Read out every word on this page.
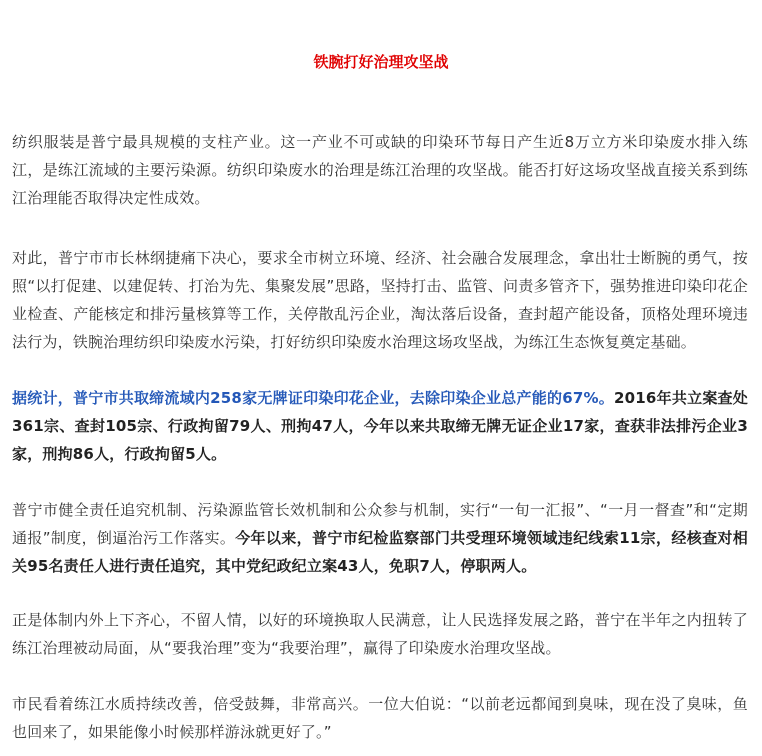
铁腕打好治理攻坚战

纺织服装是普宁最具规模的支柱产业。这一产业不可或缺的印染环节每日产生近8万立方米印染废水排入练江，是练江流域的主要污染源。纺织印染废水的治理是练江治理的攻坚战。能否打好这场攻坚战直接关系到练江治理能否取得决定性成效。

对此，普宁市市长林纲捷痛下决心，要求全市树立环境、经济、社会融合发展理念，拿出壮士断腕的勇气，按照“以打促建、以建促转、打治为先、集聚发展”思路，坚持打击、监管、问责多管齐下，强势推进印染印花企业检查、产能核定和排污量核算等工作，关停散乱污企业，淘汰落后设备，查封超产能设备，顶格处理环境违法行为，铁腕治理纺织印染废水污染，打好纺织印染废水治理这场攻坚战，为练江生态恢复奠定基础。

据统计，普宁市共取缔流域内258家无牌证印染印花企业，去除印染企业总产能的67%。2016年共立案查处361宗、查封105宗、行政拘留79人、刑拘47人，今年以来共取缔无牌无证企业17家，查获非法排污企业3家，刑拘86人，行政拘留5人。

普宁市健全责任追究机制、污染源监管长效机制和公众参与机制，实行“一旬一汇报”、“一月一督查”和“定期通报”制度，倒逼治污工作落实。今年以来，普宁市纪检监察部门共受理环境领域违纪线索11宗，经核查对相关95名责任人进行责任追究，其中党纪政纪立案43人，免职7人，停职两人。

正是体制内外上下齐心，不留人情，以好的环境换取人民满意，让人民选择发展之路，普宁在半年之内扭转了练江治理被动局面，从“要我治理”变为“我要治理”，赢得了印染废水治理攻坚战。

市民看着练江水质持续改善，倍受鼓舞，非常高兴。一位大伯说：“以前老远都闻到臭味，现在没了臭味，鱼也回来了，如果能像小时候那样游泳就更好了。”
